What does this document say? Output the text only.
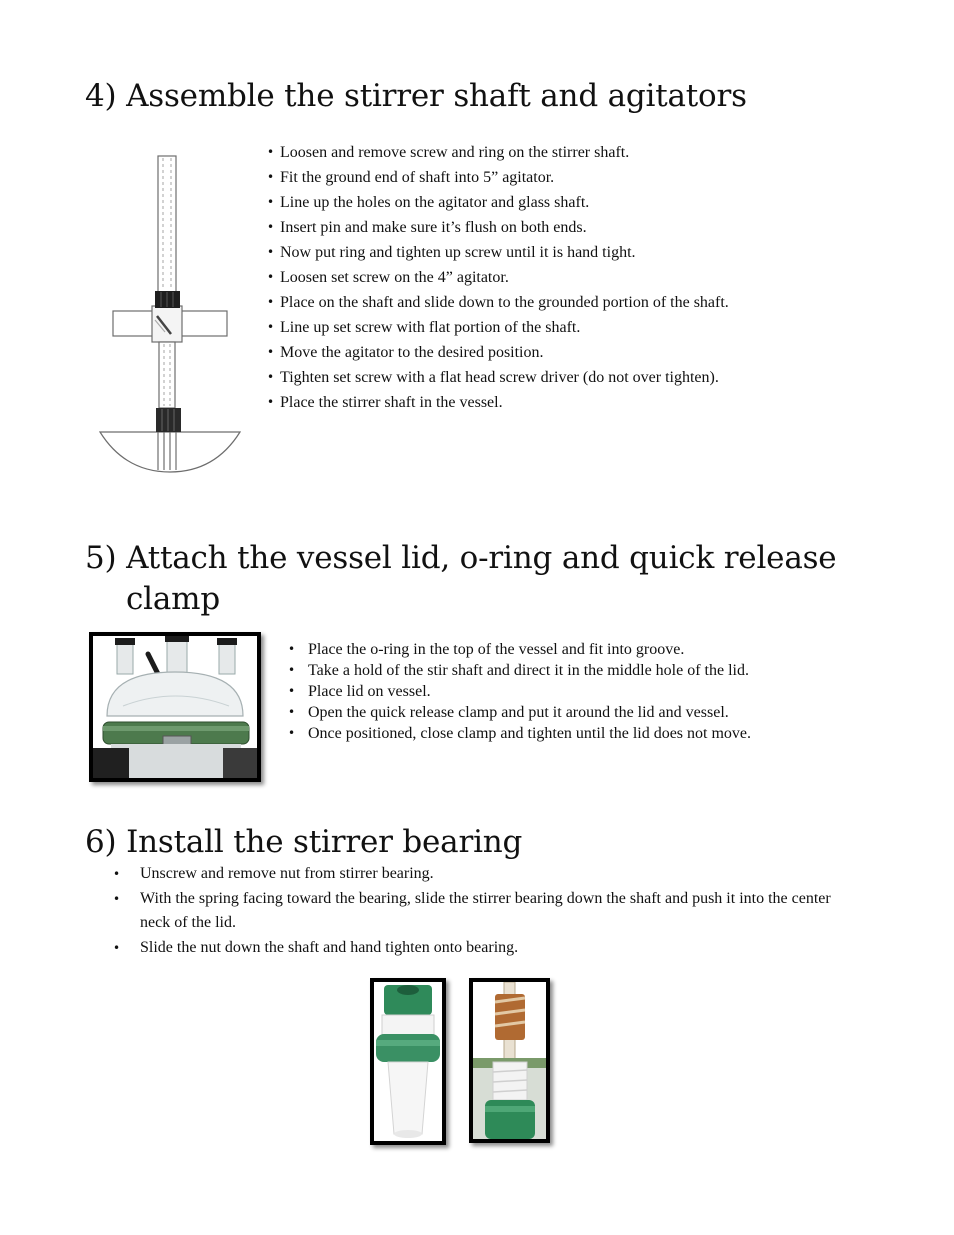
4) Assemble the stirrer shaft and agitators
• Loosen and remove screw and ring on the stirrer shaft.
• Fit the ground end of shaft into 5” agitator.
• Line up the holes on the agitator and glass shaft.
• Insert pin and make sure it’s flush on both ends.
• Now put ring and tighten up screw until it is hand tight.
• Loosen set screw on the 4” agitator.
• Place on the shaft and slide down to the grounded portion of the shaft.
• Line up set screw with flat portion of the shaft.
• Move the agitator to the desired position.
• Tighten set screw with a flat head screw driver (do not over tighten).
• Place the stirrer shaft in the vessel.
5) Attach the vessel lid, o-ring and quick release
clamp
• Place the o-ring in the top of the vessel and fit into groove.
• Take a hold of the stir shaft and direct it in the middle hole of the lid.
• Place lid on vessel.
• Open the quick release clamp and put it around the lid and vessel.
• Once positioned, close clamp and tighten until the lid does not move.
6) Install the stirrer bearing
• Unscrew and remove nut from stirrer bearing.
• With the spring facing toward the bearing, slide the stirrer bearing down the shaft and push it into the center neck of the lid.
• Slide the nut down the shaft and hand tighten onto bearing.
